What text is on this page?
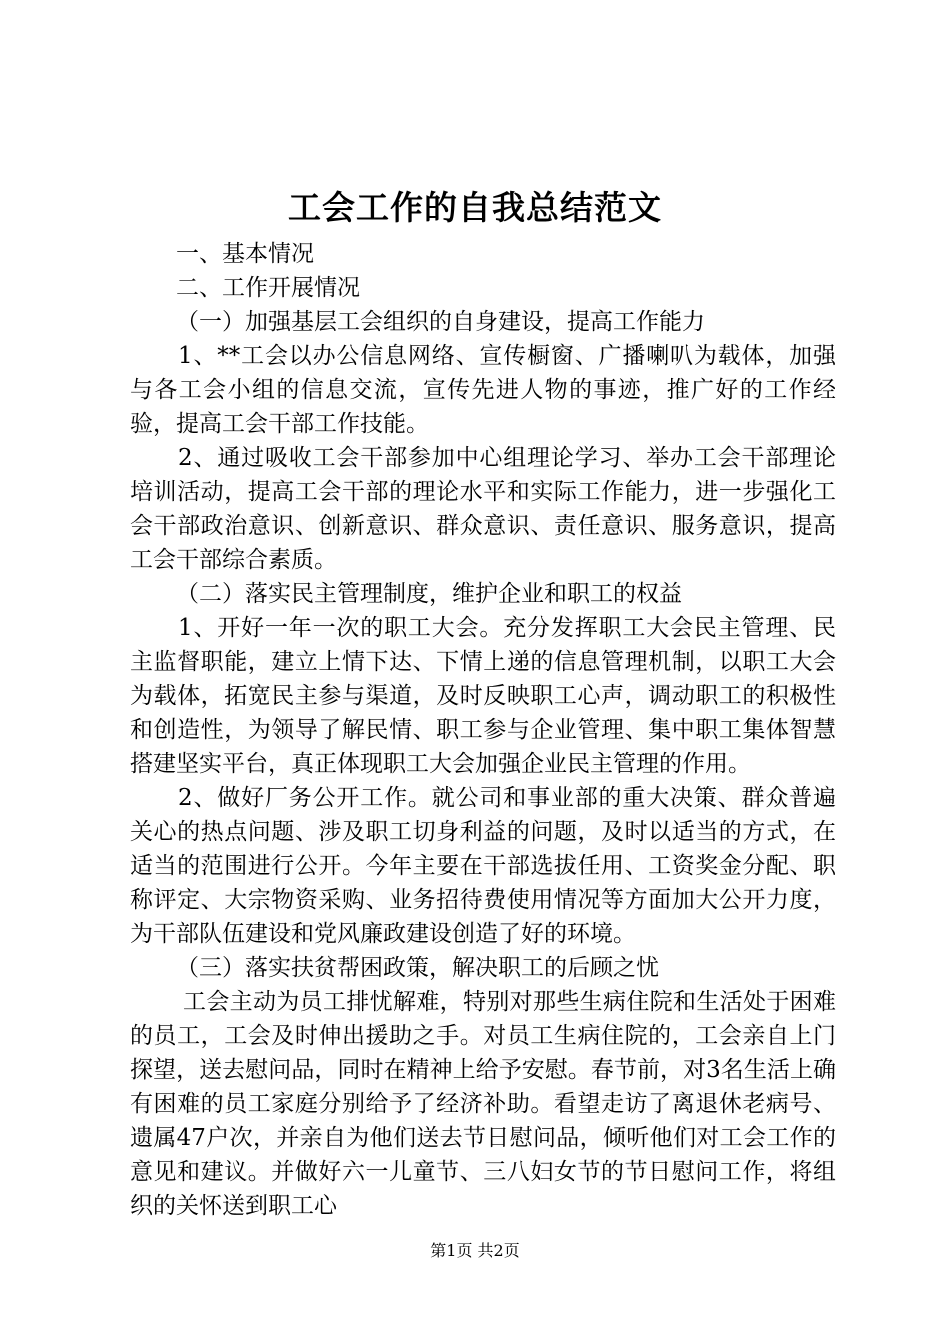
工会工作的自我总结范文

一、基本情况

二、工作开展情况

（一）加强基层工会组织的自身建设，提高工作能力

1、**工会以办公信息网络、宣传橱窗、广播喇叭为载体，加强与各工会小组的信息交流，宣传先进人物的事迹，推广好的工作经验，提高工会干部工作技能。

2、通过吸收工会干部参加中心组理论学习、举办工会干部理论培训活动，提高工会干部的理论水平和实际工作能力，进一步强化工会干部政治意识、创新意识、群众意识、责任意识、服务意识，提高工会干部综合素质。

（二）落实民主管理制度，维护企业和职工的权益

1、开好一年一次的职工大会。充分发挥职工大会民主管理、民主监督职能，建立上情下达、下情上递的信息管理机制，以职工大会为载体，拓宽民主参与渠道，及时反映职工心声，调动职工的积极性和创造性，为领导了解民情、职工参与企业管理、集中职工集体智慧搭建坚实平台，真正体现职工大会加强企业民主管理的作用。

2、做好厂务公开工作。就公司和事业部的重大决策、群众普遍关心的热点问题、涉及职工切身利益的问题，及时以适当的方式，在适当的范围进行公开。今年主要在干部选拔任用、工资奖金分配、职称评定、大宗物资采购、业务招待费使用情况等方面加大公开力度，为干部队伍建设和党风廉政建设创造了好的环境。

（三）落实扶贫帮困政策，解决职工的后顾之忧

工会主动为员工排忧解难，特别对那些生病住院和生活处于困难的员工，工会及时伸出援助之手。对员工生病住院的，工会亲自上门探望，送去慰问品，同时在精神上给予安慰。春节前，对3名生活上确有困难的员工家庭分别给予了经济补助。看望走访了离退休老病号、遗属47户次，并亲自为他们送去节日慰问品，倾听他们对工会工作的意见和建议。并做好六一儿童节、三八妇女节的节日慰问工作，将组织的关怀送到职工心

第1页 共2页
